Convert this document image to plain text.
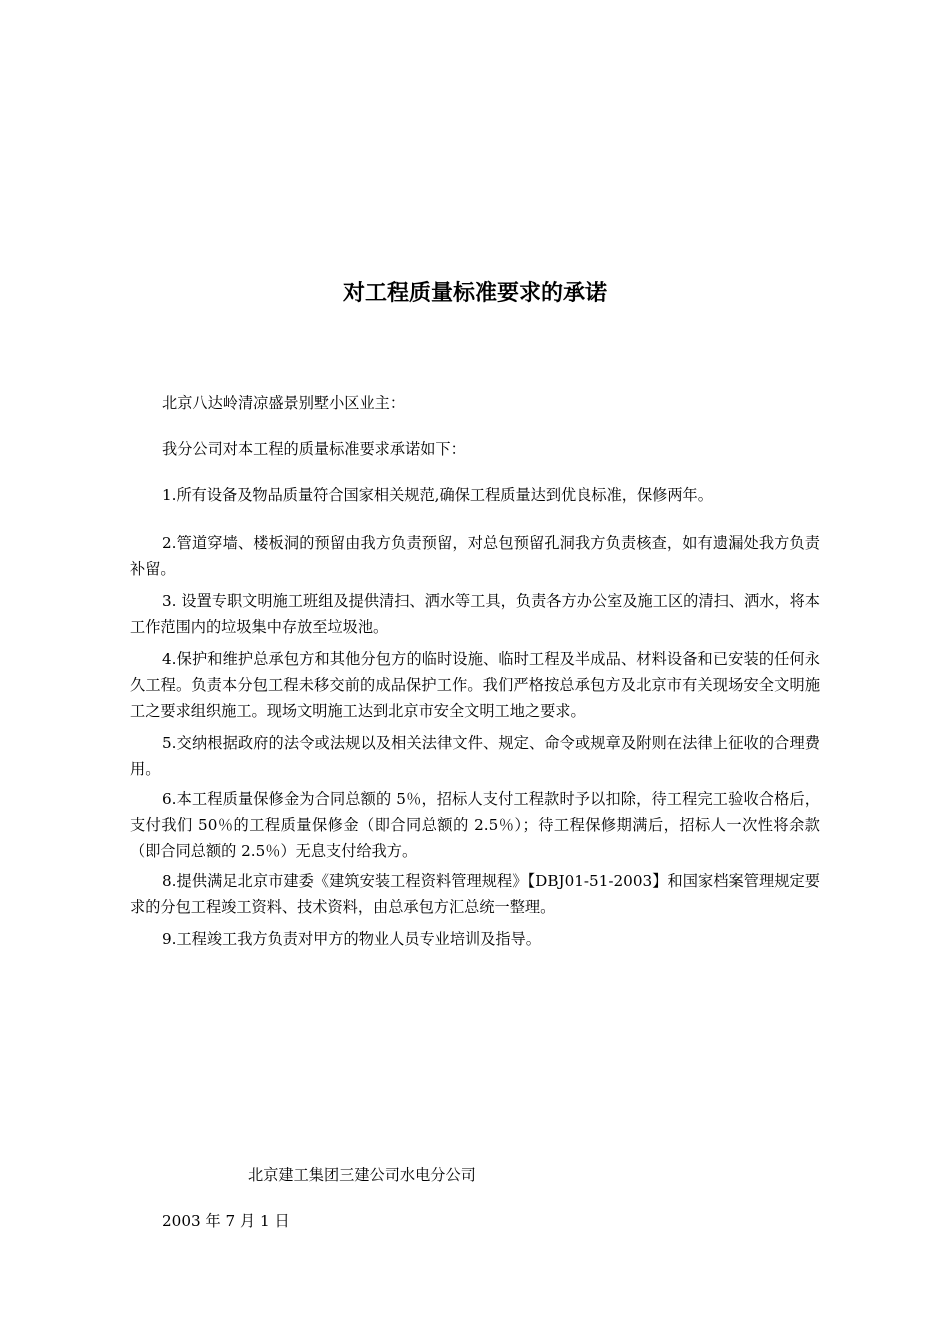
对工程质量标准要求的承诺

北京八达岭清凉盛景别墅小区业主：

我分公司对本工程的质量标准要求承诺如下：

1.所有设备及物品质量符合国家相关规范,确保工程质量达到优良标准，保修两年。

2.管道穿墙、楼板洞的预留由我方负责预留，对总包预留孔洞我方负责核查，如有遗漏处我方负责补留。

3. 设置专职文明施工班组及提供清扫、洒水等工具，负责各方办公室及施工区的清扫、洒水，将本工作范围内的垃圾集中存放至垃圾池。

4.保护和维护总承包方和其他分包方的临时设施、临时工程及半成品、材料设备和已安装的任何永久工程。负责本分包工程未移交前的成品保护工作。我们严格按总承包方及北京市有关现场安全文明施工之要求组织施工。现场文明施工达到北京市安全文明工地之要求。

5.交纳根据政府的法令或法规以及相关法律文件、规定、命令或规章及附则在法律上征收的合理费用。

6.本工程质量保修金为合同总额的 5％，招标人支付工程款时予以扣除，待工程完工验收合格后，支付我们 50％的工程质量保修金（即合同总额的 2.5％）；待工程保修期满后，招标人一次性将余款（即合同总额的 2.5％）无息支付给我方。

8.提供满足北京市建委《建筑安装工程资料管理规程》【DBJ01-51-2003】和国家档案管理规定要求的分包工程竣工资料、技术资料，由总承包方汇总统一整理。

9.工程竣工我方负责对甲方的物业人员专业培训及指导。

北京建工集团三建公司水电分公司

2003 年 7 月 1 日
